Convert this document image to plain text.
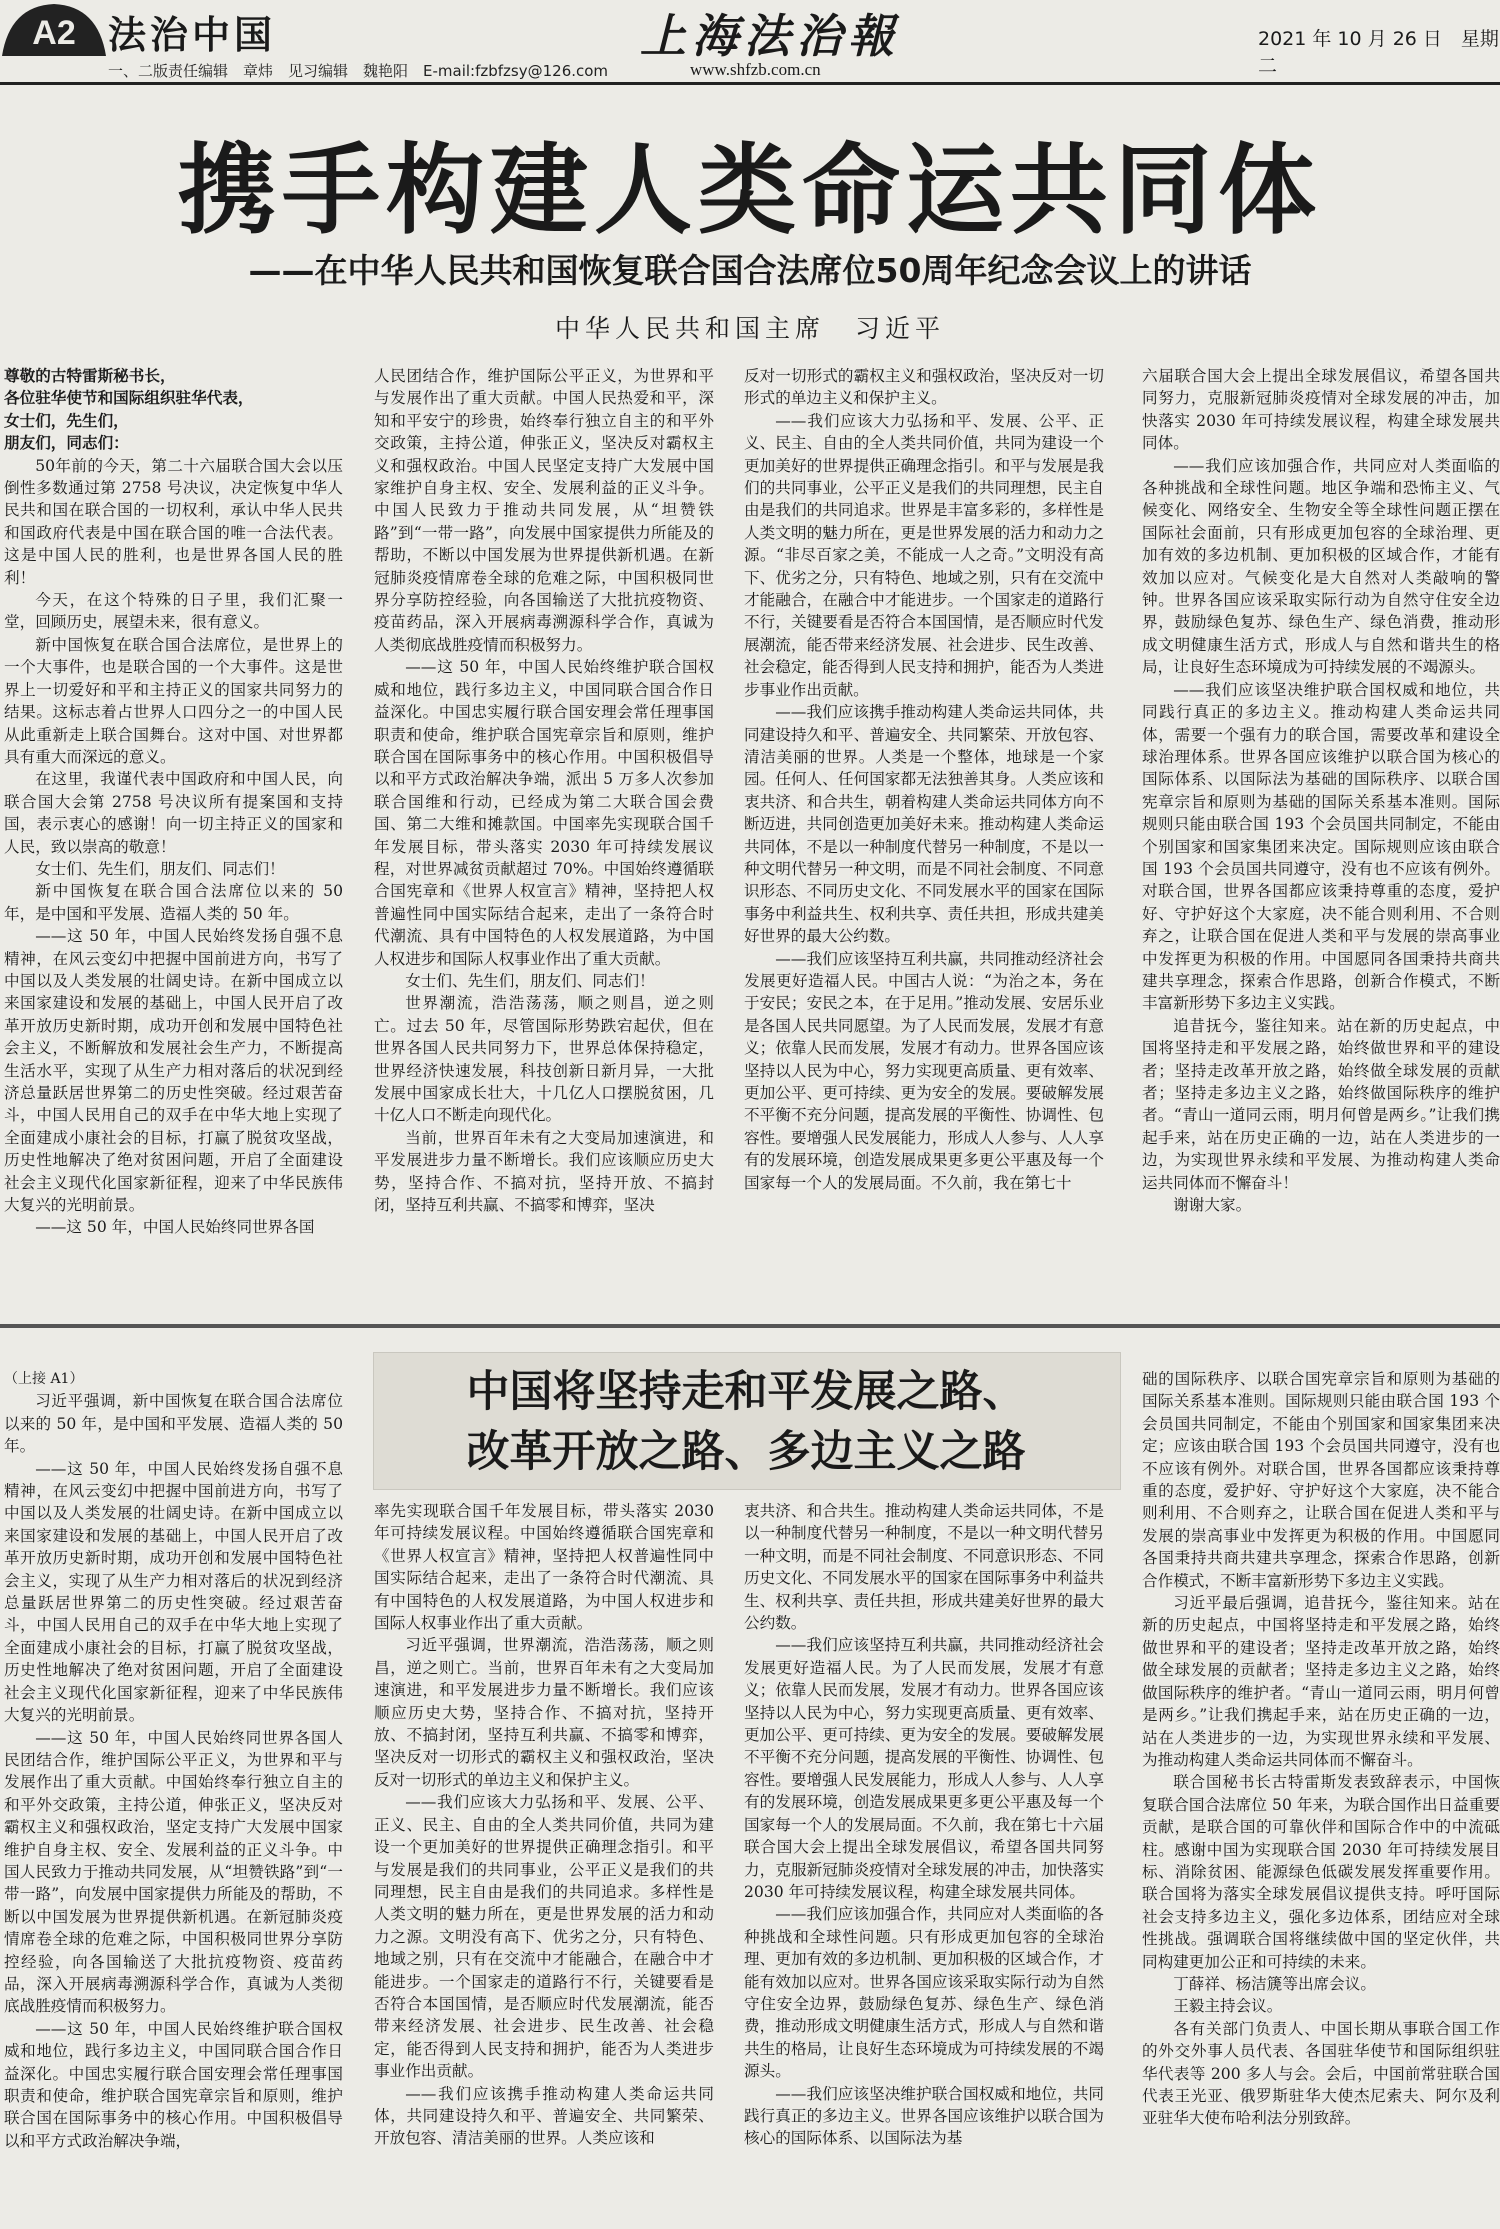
A2 法治中国
一、二版责任编辑　章炜　见习编辑　魏艳阳　E-mail:fzbfzsy@126.com
上海法治報
www.shfzb.com.cn
2021 年 10 月 26 日　星期二
携手构建人类命运共同体
——在中华人民共和国恢复联合国合法席位50周年纪念会议上的讲话
中华人民共和国主席　习近平

尊敬的古特雷斯秘书长，

各位驻华使节和国际组织驻华代表，

女士们，先生们，

朋友们，同志们：

50年前的今天，第二十六届联合国大会以压倒性多数通过第 2758 号决议，决定恢复中华人民共和国在联合国的一切权利，承认中华人民共和国政府代表是中国在联合国的唯一合法代表。这是中国人民的胜利，也是世界各国人民的胜利！

今天，在这个特殊的日子里，我们汇聚一堂，回顾历史，展望未来，很有意义。

新中国恢复在联合国合法席位，是世界上的一个大事件，也是联合国的一个大事件。这是世界上一切爱好和平和主持正义的国家共同努力的结果。这标志着占世界人口四分之一的中国人民从此重新走上联合国舞台。这对中国、对世界都具有重大而深远的意义。

在这里，我谨代表中国政府和中国人民，向联合国大会第 2758 号决议所有提案国和支持国，表示衷心的感谢！向一切主持正义的国家和人民，致以崇高的敬意！

女士们、先生们，朋友们、同志们！

新中国恢复在联合国合法席位以来的 50 年，是中国和平发展、造福人类的 50 年。

——这 50 年，中国人民始终发扬自强不息精神，在风云变幻中把握中国前进方向，书写了中国以及人类发展的壮阔史诗。在新中国成立以来国家建设和发展的基础上，中国人民开启了改革开放历史新时期，成功开创和发展中国特色社会主义，不断解放和发展社会生产力，不断提高生活水平，实现了从生产力相对落后的状况到经济总量跃居世界第二的历史性突破。经过艰苦奋斗，中国人民用自己的双手在中华大地上实现了全面建成小康社会的目标，打赢了脱贫攻坚战，历史性地解决了绝对贫困问题，开启了全面建设社会主义现代化国家新征程，迎来了中华民族伟大复兴的光明前景。

——这 50 年，中国人民始终同世界各国

人民团结合作，维护国际公平正义，为世界和平与发展作出了重大贡献。中国人民热爱和平，深知和平安宁的珍贵，始终奉行独立自主的和平外交政策，主持公道，伸张正义，坚决反对霸权主义和强权政治。中国人民坚定支持广大发展中国家维护自身主权、安全、发展利益的正义斗争。中国人民致力于推动共同发展，从“坦赞铁路”到“一带一路”，向发展中国家提供力所能及的帮助，不断以中国发展为世界提供新机遇。在新冠肺炎疫情席卷全球的危难之际，中国积极同世界分享防控经验，向各国输送了大批抗疫物资、疫苗药品，深入开展病毒溯源科学合作，真诚为人类彻底战胜疫情而积极努力。

——这 50 年，中国人民始终维护联合国权威和地位，践行多边主义，中国同联合国合作日益深化。中国忠实履行联合国安理会常任理事国职责和使命，维护联合国宪章宗旨和原则，维护联合国在国际事务中的核心作用。中国积极倡导以和平方式政治解决争端，派出 5 万多人次参加联合国维和行动，已经成为第二大联合国会费国、第二大维和摊款国。中国率先实现联合国千年发展目标，带头落实 2030 年可持续发展议程，对世界减贫贡献超过 70%。中国始终遵循联合国宪章和《世界人权宣言》精神，坚持把人权普遍性同中国实际结合起来，走出了一条符合时代潮流、具有中国特色的人权发展道路，为中国人权进步和国际人权事业作出了重大贡献。

女士们、先生们，朋友们、同志们！

世界潮流，浩浩荡荡，顺之则昌，逆之则亡。过去 50 年，尽管国际形势跌宕起伏，但在世界各国人民共同努力下，世界总体保持稳定，世界经济快速发展，科技创新日新月异，一大批发展中国家成长壮大，十几亿人口摆脱贫困，几十亿人口不断走向现代化。

当前，世界百年未有之大变局加速演进，和平发展进步力量不断增长。我们应该顺应历史大势，坚持合作、不搞对抗，坚持开放、不搞封闭，坚持互利共赢、不搞零和博弈，坚决

反对一切形式的霸权主义和强权政治，坚决反对一切形式的单边主义和保护主义。

——我们应该大力弘扬和平、发展、公平、正义、民主、自由的全人类共同价值，共同为建设一个更加美好的世界提供正确理念指引。和平与发展是我们的共同事业，公平正义是我们的共同理想，民主自由是我们的共同追求。世界是丰富多彩的，多样性是人类文明的魅力所在，更是世界发展的活力和动力之源。“非尽百家之美，不能成一人之奇。”文明没有高下、优劣之分，只有特色、地域之别，只有在交流中才能融合，在融合中才能进步。一个国家走的道路行不行，关键要看是否符合本国国情，是否顺应时代发展潮流，能否带来经济发展、社会进步、民生改善、社会稳定，能否得到人民支持和拥护，能否为人类进步事业作出贡献。

——我们应该携手推动构建人类命运共同体，共同建设持久和平、普遍安全、共同繁荣、开放包容、清洁美丽的世界。人类是一个整体，地球是一个家园。任何人、任何国家都无法独善其身。人类应该和衷共济、和合共生，朝着构建人类命运共同体方向不断迈进，共同创造更加美好未来。推动构建人类命运共同体，不是以一种制度代替另一种制度，不是以一种文明代替另一种文明，而是不同社会制度、不同意识形态、不同历史文化、不同发展水平的国家在国际事务中利益共生、权利共享、责任共担，形成共建美好世界的最大公约数。

——我们应该坚持互利共赢，共同推动经济社会发展更好造福人民。中国古人说：“为治之本，务在于安民；安民之本，在于足用。”推动发展、安居乐业是各国人民共同愿望。为了人民而发展，发展才有意义；依靠人民而发展，发展才有动力。世界各国应该坚持以人民为中心，努力实现更高质量、更有效率、更加公平、更可持续、更为安全的发展。要破解发展不平衡不充分问题，提高发展的平衡性、协调性、包容性。要增强人民发展能力，形成人人参与、人人享有的发展环境，创造发展成果更多更公平惠及每一个国家每一个人的发展局面。不久前，我在第七十

六届联合国大会上提出全球发展倡议，希望各国共同努力，克服新冠肺炎疫情对全球发展的冲击，加快落实 2030 年可持续发展议程，构建全球发展共同体。

——我们应该加强合作，共同应对人类面临的各种挑战和全球性问题。地区争端和恐怖主义、气候变化、网络安全、生物安全等全球性问题正摆在国际社会面前，只有形成更加包容的全球治理、更加有效的多边机制、更加积极的区域合作，才能有效加以应对。气候变化是大自然对人类敲响的警钟。世界各国应该采取实际行动为自然守住安全边界，鼓励绿色复苏、绿色生产、绿色消费，推动形成文明健康生活方式，形成人与自然和谐共生的格局，让良好生态环境成为可持续发展的不竭源头。

——我们应该坚决维护联合国权威和地位，共同践行真正的多边主义。推动构建人类命运共同体，需要一个强有力的联合国，需要改革和建设全球治理体系。世界各国应该维护以联合国为核心的国际体系、以国际法为基础的国际秩序、以联合国宪章宗旨和原则为基础的国际关系基本准则。国际规则只能由联合国 193 个会员国共同制定，不能由个别国家和国家集团来决定。国际规则应该由联合国 193 个会员国共同遵守，没有也不应该有例外。对联合国，世界各国都应该秉持尊重的态度，爱护好、守护好这个大家庭，决不能合则利用、不合则弃之，让联合国在促进人类和平与发展的崇高事业中发挥更为积极的作用。中国愿同各国秉持共商共建共享理念，探索合作思路，创新合作模式，不断丰富新形势下多边主义实践。

追昔抚今，鉴往知来。站在新的历史起点，中国将坚持走和平发展之路，始终做世界和平的建设者；坚持走改革开放之路，始终做全球发展的贡献者；坚持走多边主义之路，始终做国际秩序的维护者。“青山一道同云雨，明月何曾是两乡。”让我们携起手来，站在历史正确的一边，站在人类进步的一边，为实现世界永续和平发展、为推动构建人类命运共同体而不懈奋斗！

谢谢大家。

中国将坚持走和平发展之路、
改革开放之路、多边主义之路

（上接 A1）

习近平强调，新中国恢复在联合国合法席位以来的 50 年，是中国和平发展、造福人类的 50 年。

——这 50 年，中国人民始终发扬自强不息精神，在风云变幻中把握中国前进方向，书写了中国以及人类发展的壮阔史诗。在新中国成立以来国家建设和发展的基础上，中国人民开启了改革开放历史新时期，成功开创和发展中国特色社会主义，实现了从生产力相对落后的状况到经济总量跃居世界第二的历史性突破。经过艰苦奋斗，中国人民用自己的双手在中华大地上实现了全面建成小康社会的目标，打赢了脱贫攻坚战，历史性地解决了绝对贫困问题，开启了全面建设社会主义现代化国家新征程，迎来了中华民族伟大复兴的光明前景。

——这 50 年，中国人民始终同世界各国人民团结合作，维护国际公平正义，为世界和平与发展作出了重大贡献。中国始终奉行独立自主的和平外交政策，主持公道，伸张正义，坚决反对霸权主义和强权政治，坚定支持广大发展中国家维护自身主权、安全、发展利益的正义斗争。中国人民致力于推动共同发展，从“坦赞铁路”到“一带一路”，向发展中国家提供力所能及的帮助，不断以中国发展为世界提供新机遇。在新冠肺炎疫情席卷全球的危难之际，中国积极同世界分享防控经验，向各国输送了大批抗疫物资、疫苗药品，深入开展病毒溯源科学合作，真诚为人类彻底战胜疫情而积极努力。

——这 50 年，中国人民始终维护联合国权威和地位，践行多边主义，中国同联合国合作日益深化。中国忠实履行联合国安理会常任理事国职责和使命，维护联合国宪章宗旨和原则，维护联合国在国际事务中的核心作用。中国积极倡导以和平方式政治解决争端，

率先实现联合国千年发展目标，带头落实 2030 年可持续发展议程。中国始终遵循联合国宪章和《世界人权宣言》精神，坚持把人权普遍性同中国实际结合起来，走出了一条符合时代潮流、具有中国特色的人权发展道路，为中国人权进步和国际人权事业作出了重大贡献。

习近平强调，世界潮流，浩浩荡荡，顺之则昌，逆之则亡。当前，世界百年未有之大变局加速演进，和平发展进步力量不断增长。我们应该顺应历史大势，坚持合作、不搞对抗，坚持开放、不搞封闭，坚持互利共赢、不搞零和博弈，坚决反对一切形式的霸权主义和强权政治，坚决反对一切形式的单边主义和保护主义。

——我们应该大力弘扬和平、发展、公平、正义、民主、自由的全人类共同价值，共同为建设一个更加美好的世界提供正确理念指引。和平与发展是我们的共同事业，公平正义是我们的共同理想，民主自由是我们的共同追求。多样性是人类文明的魅力所在，更是世界发展的活力和动力之源。文明没有高下、优劣之分，只有特色、地域之别，只有在交流中才能融合，在融合中才能进步。一个国家走的道路行不行，关键要看是否符合本国国情，是否顺应时代发展潮流，能否带来经济发展、社会进步、民生改善、社会稳定，能否得到人民支持和拥护，能否为人类进步事业作出贡献。

——我们应该携手推动构建人类命运共同体，共同建设持久和平、普遍安全、共同繁荣、开放包容、清洁美丽的世界。人类应该和

衷共济、和合共生。推动构建人类命运共同体，不是以一种制度代替另一种制度，不是以一种文明代替另一种文明，而是不同社会制度、不同意识形态、不同历史文化、不同发展水平的国家在国际事务中利益共生、权利共享、责任共担，形成共建美好世界的最大公约数。

——我们应该坚持互利共赢，共同推动经济社会发展更好造福人民。为了人民而发展，发展才有意义；依靠人民而发展，发展才有动力。世界各国应该坚持以人民为中心，努力实现更高质量、更有效率、更加公平、更可持续、更为安全的发展。要破解发展不平衡不充分问题，提高发展的平衡性、协调性、包容性。要增强人民发展能力，形成人人参与、人人享有的发展环境，创造发展成果更多更公平惠及每一个国家每一个人的发展局面。不久前，我在第七十六届联合国大会上提出全球发展倡议，希望各国共同努力，克服新冠肺炎疫情对全球发展的冲击，加快落实 2030 年可持续发展议程，构建全球发展共同体。

——我们应该加强合作，共同应对人类面临的各种挑战和全球性问题。只有形成更加包容的全球治理、更加有效的多边机制、更加积极的区域合作，才能有效加以应对。世界各国应该采取实际行动为自然守住安全边界，鼓励绿色复苏、绿色生产、绿色消费，推动形成文明健康生活方式，形成人与自然和谐共生的格局，让良好生态环境成为可持续发展的不竭源头。

——我们应该坚决维护联合国权威和地位，共同践行真正的多边主义。世界各国应该维护以联合国为核心的国际体系、以国际法为基

础的国际秩序、以联合国宪章宗旨和原则为基础的国际关系基本准则。国际规则只能由联合国 193 个会员国共同制定，不能由个别国家和国家集团来决定；应该由联合国 193 个会员国共同遵守，没有也不应该有例外。对联合国，世界各国都应该秉持尊重的态度，爱护好、守护好这个大家庭，决不能合则利用、不合则弃之，让联合国在促进人类和平与发展的崇高事业中发挥更为积极的作用。中国愿同各国秉持共商共建共享理念，探索合作思路，创新合作模式，不断丰富新形势下多边主义实践。

习近平最后强调，追昔抚今，鉴往知来。站在新的历史起点，中国将坚持走和平发展之路，始终做世界和平的建设者；坚持走改革开放之路，始终做全球发展的贡献者；坚持走多边主义之路，始终做国际秩序的维护者。“青山一道同云雨，明月何曾是两乡。”让我们携起手来，站在历史正确的一边，站在人类进步的一边，为实现世界永续和平发展、为推动构建人类命运共同体而不懈奋斗。

联合国秘书长古特雷斯发表致辞表示，中国恢复联合国合法席位 50 年来，为联合国作出日益重要贡献，是联合国的可靠伙伴和国际合作中的中流砥柱。感谢中国为实现联合国 2030 年可持续发展目标、消除贫困、能源绿色低碳发展发挥重要作用。联合国将为落实全球发展倡议提供支持。呼吁国际社会支持多边主义，强化多边体系，团结应对全球性挑战。强调联合国将继续做中国的坚定伙伴，共同构建更加公正和可持续的未来。

丁薛祥、杨洁篪等出席会议。

王毅主持会议。

各有关部门负责人、中国长期从事联合国工作的外交外事人员代表、各国驻华使节和国际组织驻华代表等 200 多人与会。会后，中国前常驻联合国代表王光亚、俄罗斯驻华大使杰尼索夫、阿尔及利亚驻华大使布哈利法分别致辞。
